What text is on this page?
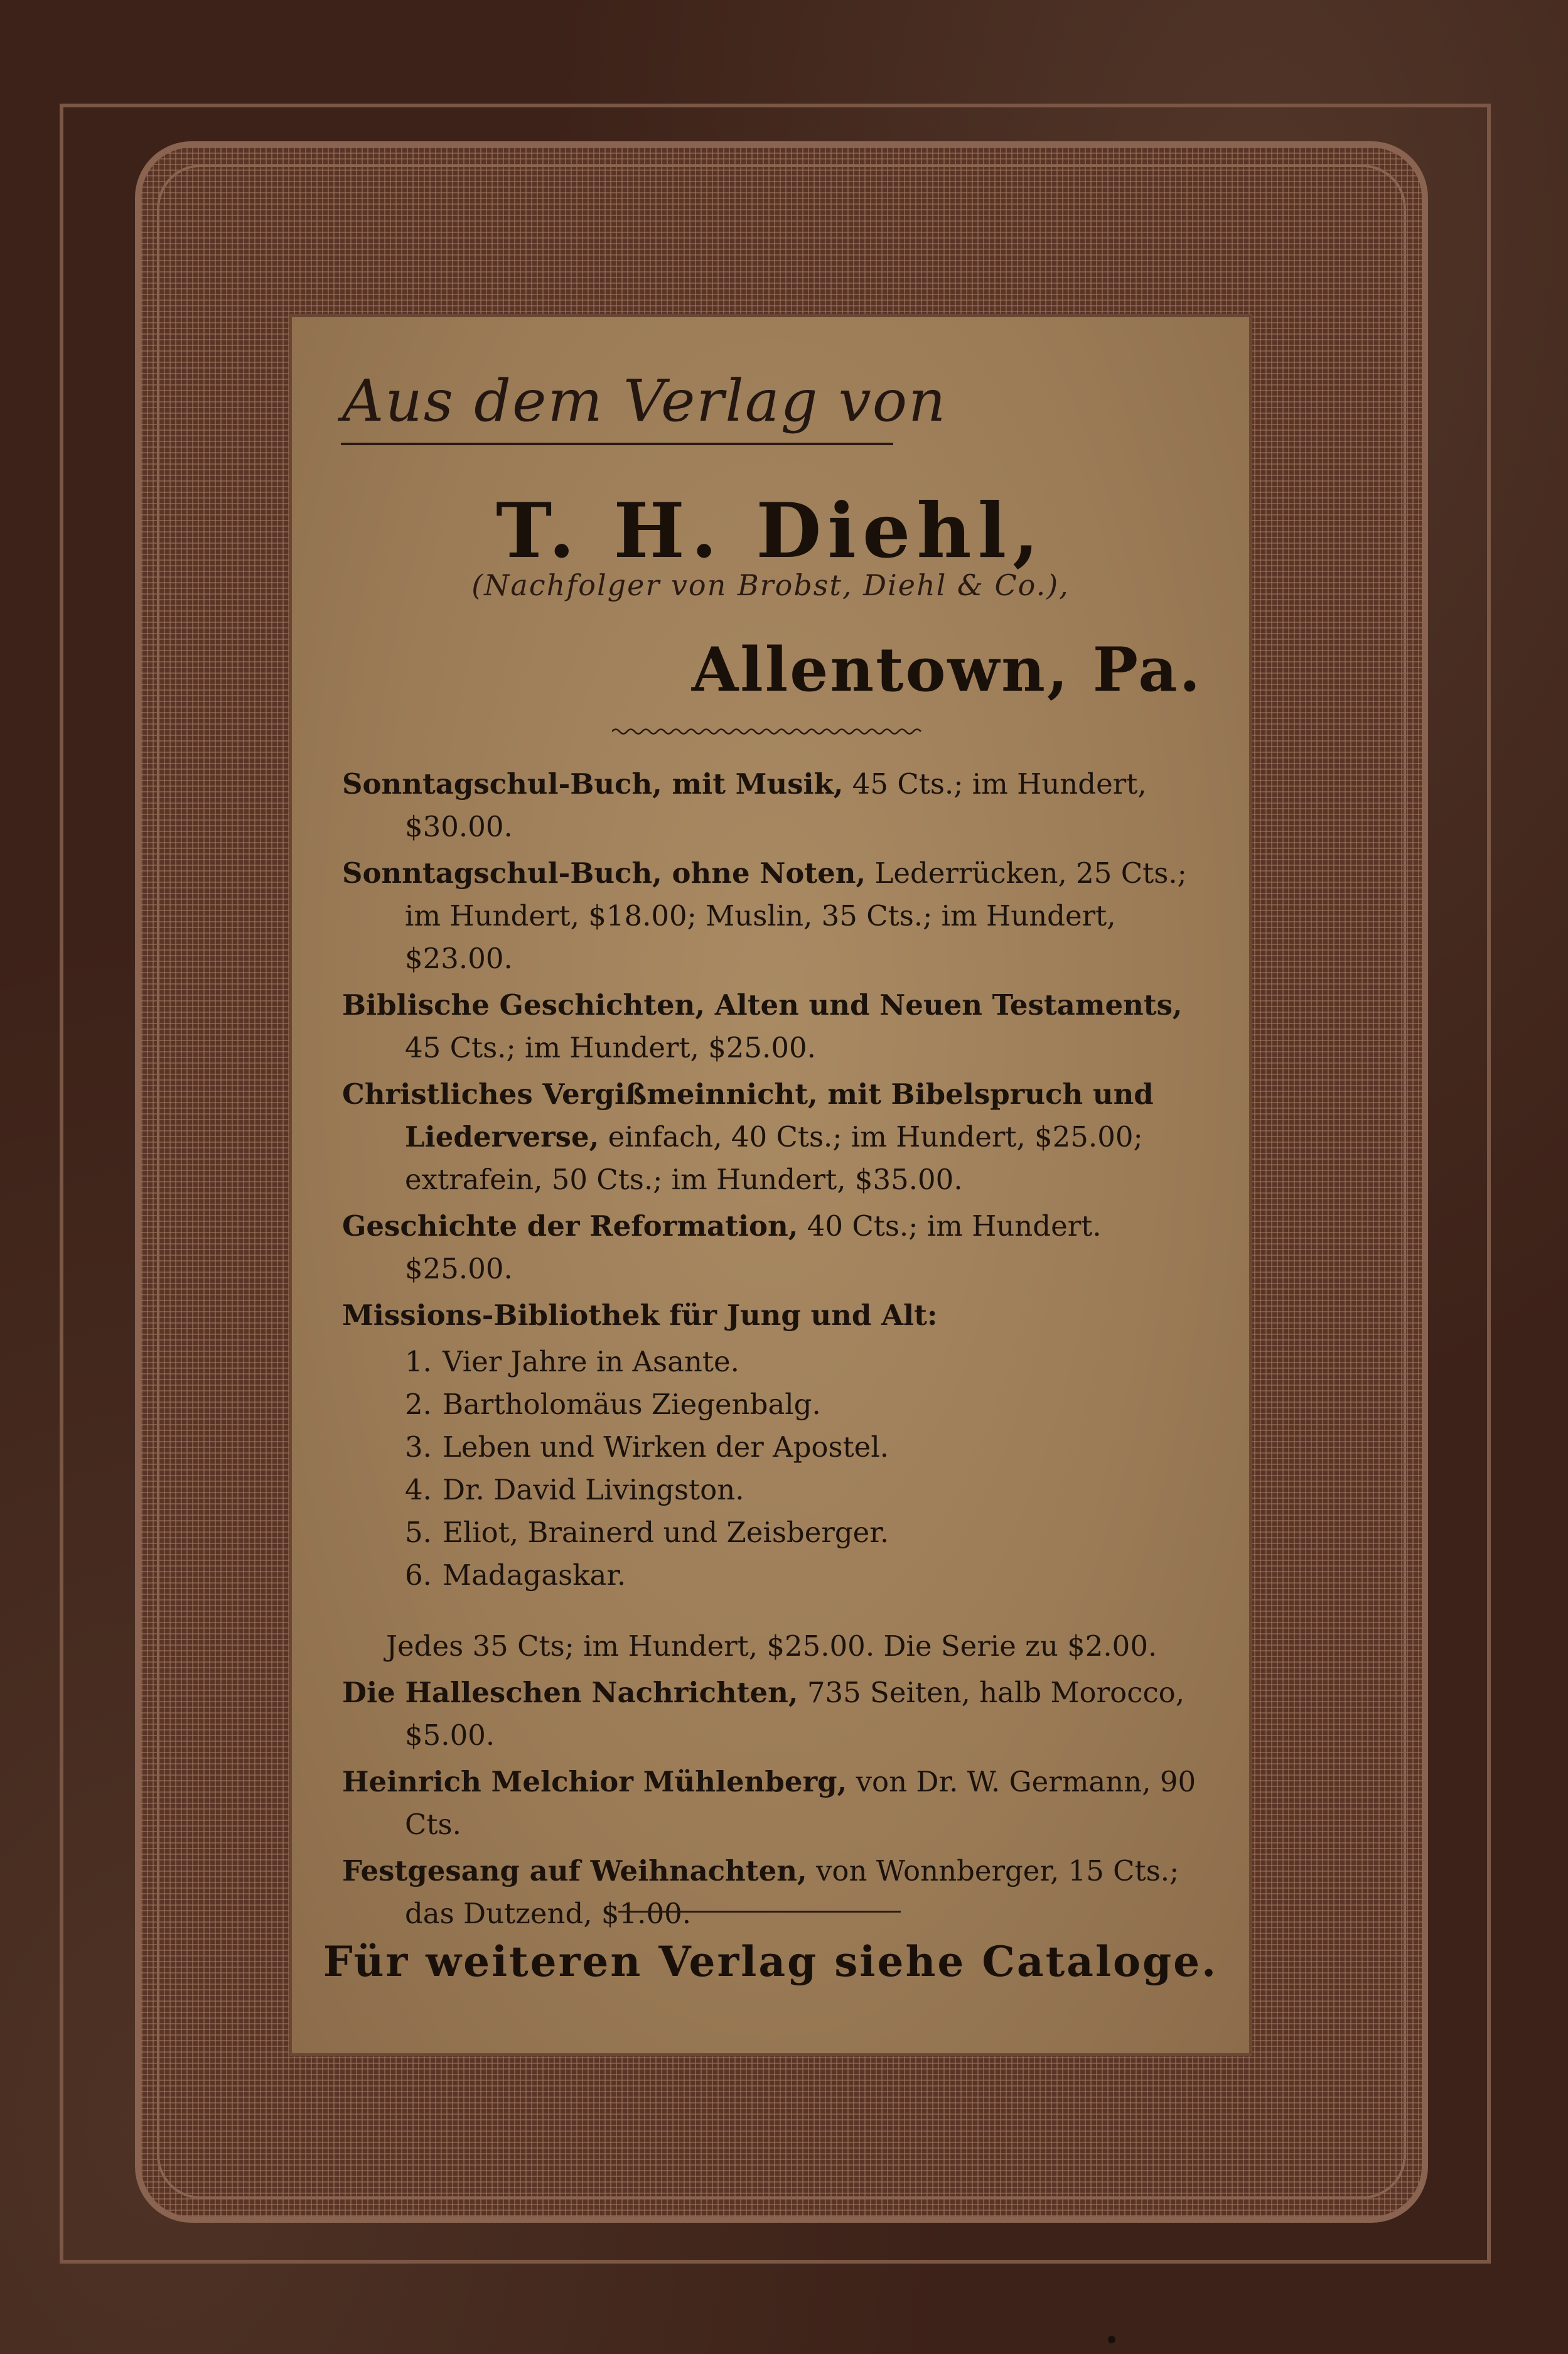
Aus dem Verlag von
T. H. Diehl,
(Nachfolger von Brobst, Diehl & Co.),
Allentown, Pa.

Sonntagschul-Buch, mit Musik, 45 Cts.; im Hundert, $30.00.

Sonntagschul-Buch, ohne Noten, Lederrücken, 25 Cts.; im Hundert, $18.00; Muslin, 35 Cts.; im Hundert, $23.00.

Biblische Geschichten, Alten und Neuen Testaments, 45 Cts.; im Hundert, $25.00.

Christliches Vergißmeinnicht, mit Bibelspruch und Liederverse, einfach, 40 Cts.; im Hundert, $25.00; extrafein, 50 Cts.; im Hundert, $35.00.

Geschichte der Reformation, 40 Cts.; im Hundert. $25.00.

Missions-Bibliothek für Jung und Alt:

1. Vier Jahre in Asante.
2. Bartholomäus Ziegenbalg.
3. Leben und Wirken der Apostel.
4. Dr. David Livingston.
5. Eliot, Brainerd und Zeisberger.
6. Madagaskar.

Jedes 35 Cts; im Hundert, $25.00. Die Serie zu $2.00.

Die Halleschen Nachrichten, 735 Seiten, halb Morocco, $5.00.

Heinrich Melchior Mühlenberg, von Dr. W. Germann, 90 Cts.

Festgesang auf Weihnachten, von Wonnberger, 15 Cts.; das Dutzend, $1.00.

Für weiteren Verlag siehe Cataloge.
